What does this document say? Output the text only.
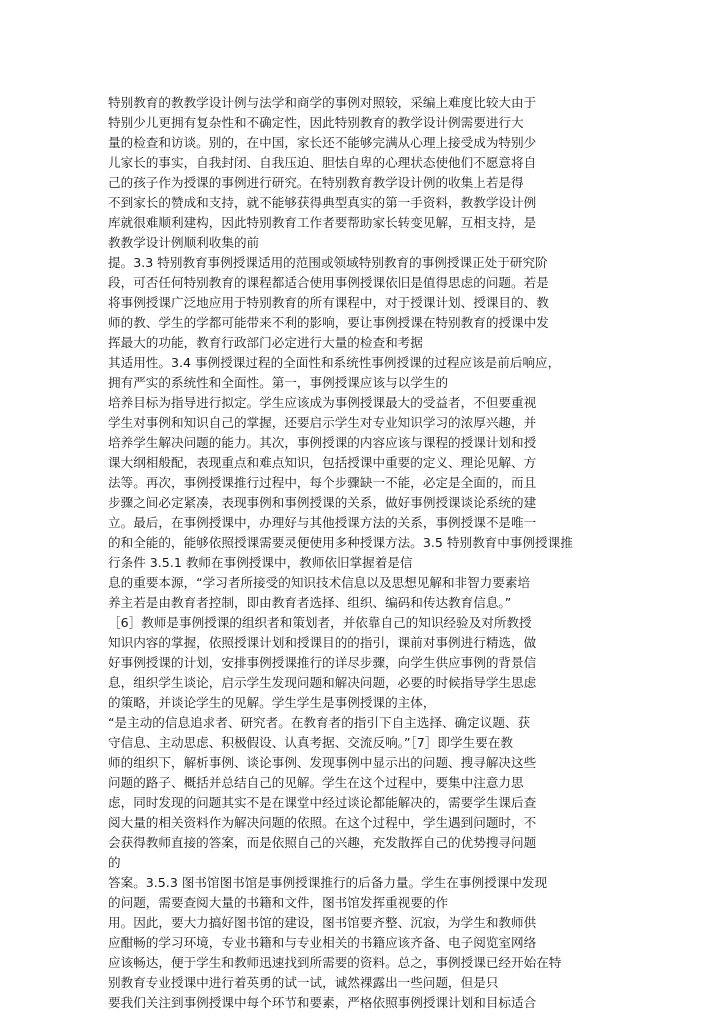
特别教育的教教学设计例与法学和商学的事例对照较，采编上难度比较大由于
特别少儿更拥有复杂性和不确定性，因此特别教育的教学设计例需要进行大
量的检查和访谈。别的，在中国，家长还不能够完满从心理上接受成为特别少
儿家长的事实，自我封闭、自我压迫、胆怯自卑的心理状态使他们不愿意将自
己的孩子作为授课的事例进行研究。在特别教育教学设计例的收集上若是得
不到家长的赞成和支持，就不能够获得典型真实的第一手资料，教教学设计例
库就很难顺利建构，因此特别教育工作者要帮助家长转变见解，互相支持，是
教教学设计例顺利收集的前
提。3.3 特别教育事例授课适用的范围或领域特别教育的事例授课正处于研究阶
段，可否任何特别教育的课程都适合使用事例授课依旧是值得思虑的问题。若是
将事例授课广泛地应用于特别教育的所有课程中，对于授课计划、授课目的、教
师的教、学生的学都可能带来不利的影响，要让事例授课在特别教育的授课中发
挥最大的功能，教育行政部门必定进行大量的检查和考据
其适用性。3.4 事例授课过程的全面性和系统性事例授课的过程应该是前后响应，
拥有严实的系统性和全面性。第一，事例授课应该与以学生的
培养目标为指导进行拟定。学生应该成为事例授课最大的受益者，不但要重视
学生对事例和知识自己的掌握，还要启示学生对专业知识学习的浓厚兴趣，并
培养学生解决问题的能力。其次，事例授课的内容应该与课程的授课计划和授
课大纲相般配，表现重点和难点知识，包括授课中重要的定义、理论见解、方
法等。再次，事例授课推行过程中，每个步骤缺一不能，必定是全面的，而且
步骤之间必定紧凑，表现事例和事例授课的关系，做好事例授课谈论系统的建
立。最后，在事例授课中，办理好与其他授课方法的关系，事例授课不是唯一
的和全能的，能够依照授课需要灵便使用多种授课方法。3.5 特别教育中事例授课推
行条件 3.5.1 教师在事例授课中，教师依旧掌握着是信
息的重要本源，“学习者所接受的知识技术信息以及思想见解和非智力要素培
养主若是由教育者控制，即由教育者选择、组织、编码和传达教育信息。”
［6］教师是事例授课的组织者和策划者，并依靠自己的知识经验及对所教授
知识内容的掌握，依照授课计划和授课目的的指引，课前对事例进行精选，做
好事例授课的计划，安排事例授课推行的详尽步骤，向学生供应事例的背景信
息，组织学生谈论，启示学生发现问题和解决问题，必要的时候指导学生思虑
的策略，并谈论学生的见解。学生学生是事例授课的主体，
“是主动的信息追求者、研究者。在教育者的指引下自主选择、确定议题、获
守信息、主动思虑、积极假设、认真考据、交流反响。”［7］即学生要在教
师的组织下，解析事例、谈论事例、发现事例中显示出的问题、搜寻解决这些
问题的路子、概括并总结自己的见解。学生在这个过程中，要集中注意力思
虑，同时发现的问题其实不是在课堂中经过谈论都能解决的，需要学生课后查
阅大量的相关资料作为解决问题的依照。在这个过程中，学生遇到问题时，不
会获得教师直接的答案，而是依照自己的兴趣，充发散挥自己的优势搜寻问题
的
答案。3.5.3 图书馆图书馆是事例授课推行的后备力量。学生在事例授课中发现
的问题，需要查阅大量的书籍和文件，图书馆发挥重视要的作
用。因此，要大力搞好图书馆的建设，图书馆要齐整、沉寂，为学生和教师供
应酣畅的学习环境，专业书籍和与专业相关的书籍应该齐备、电子阅览室网络
应该畅达，便于学生和教师迅速找到所需要的资料。总之，事例授课已经开始在特
别教育专业授课中进行着英勇的试一试，诚然裸露出一些问题，但是只
要我们关注到事例授课中每个环节和要素，严格依照事例授课计划和目标适合
